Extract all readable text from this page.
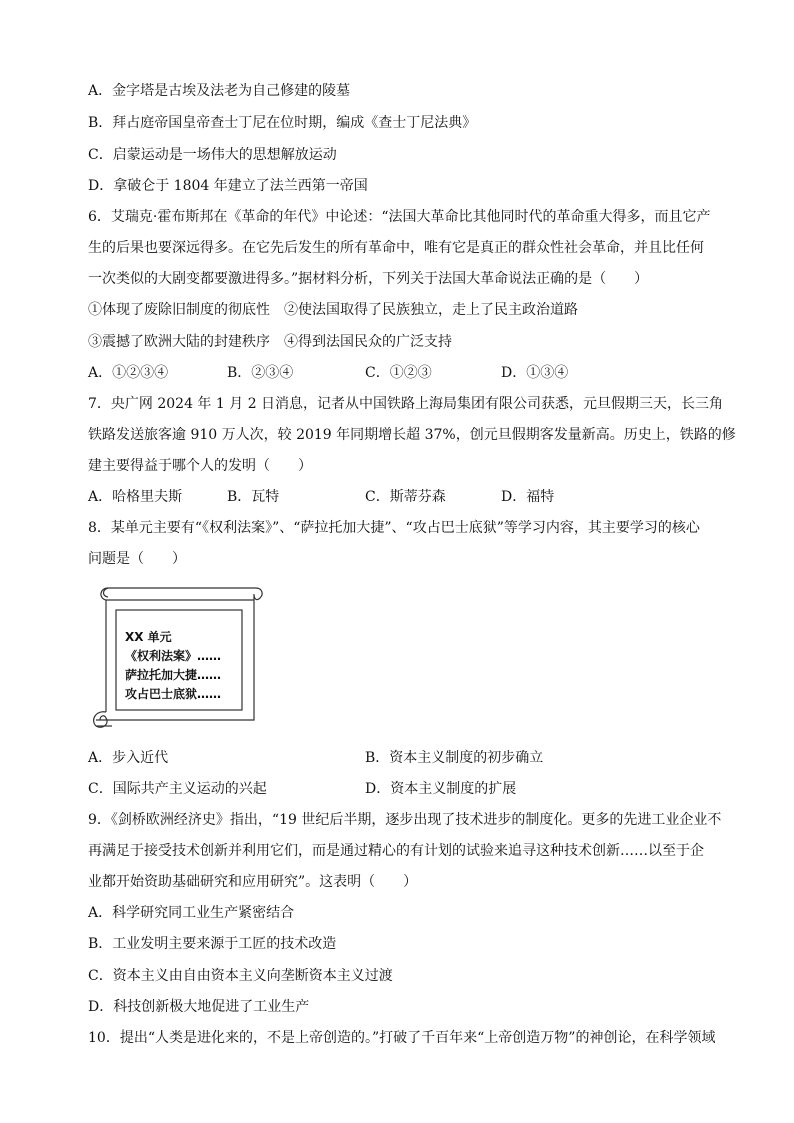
A．金字塔是古埃及法老为自己修建的陵墓
B．拜占庭帝国皇帝查士丁尼在位时期，编成《查士丁尼法典》
C．启蒙运动是一场伟大的思想解放运动
D．拿破仑于 1804 年建立了法兰西第一帝国
6．艾瑞克·霍布斯邦在《革命的年代》中论述：“法国大革命比其他同时代的革命重大得多，而且它产
生的后果也要深远得多。在它先后发生的所有革命中，唯有它是真正的群众性社会革命，并且比任何
一次类似的大剧变都要激进得多。”据材料分析，下列关于法国大革命说法正确的是（　　）
①体现了废除旧制度的彻底性　②使法国取得了民族独立，走上了民主政治道路
③震撼了欧洲大陆的封建秩序　④得到法国民众的广泛支持
A．①②③④	B．②③④	C．①②③	D．①③④
7．央广网 2024 年 1 月 2 日消息，记者从中国铁路上海局集团有限公司获悉，元旦假期三天，长三角
铁路发送旅客逾 910 万人次，较 2019 年同期增长超 37%，创元旦假期客发量新高。历史上，铁路的修
建主要得益于哪个人的发明（　　）
A．哈格里夫斯	B．瓦特	C．斯蒂芬森	D．福特
8．某单元主要有“《权利法案》”、“萨拉托加大捷”、“攻占巴士底狱”等学习内容，其主要学习的核心
问题是（　　）
XX 单元
《权利法案》……
萨拉托加大捷……
攻占巴士底狱……
A．步入近代	B．资本主义制度的初步确立
C．国际共产主义运动的兴起	D．资本主义制度的扩展
9．《剑桥欧洲经济史》指出，“19 世纪后半期，逐步出现了技术进步的制度化。更多的先进工业企业不
再满足于接受技术创新并利用它们，而是通过精心的有计划的试验来追寻这种技术创新……以至于企
业都开始资助基础研究和应用研究”。这表明（　　）
A．科学研究同工业生产紧密结合
B．工业发明主要来源于工匠的技术改造
C．资本主义由自由资本主义向垄断资本主义过渡
D．科技创新极大地促进了工业生产
10．提出“人类是进化来的，不是上帝创造的。”打破了千百年来“上帝创造万物”的神创论，在科学领域
